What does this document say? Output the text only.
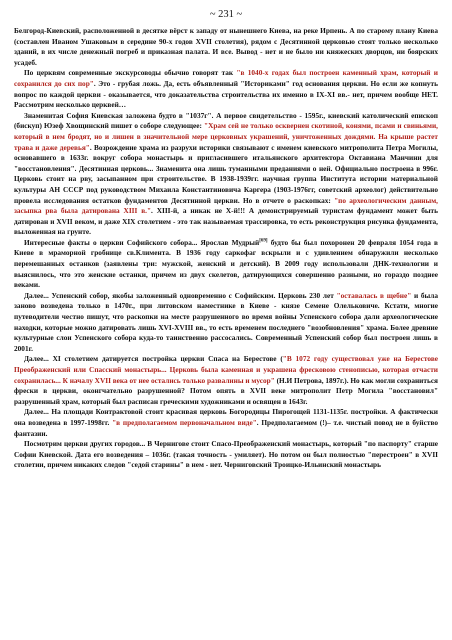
~ 231 ~

Белгород-Киевский, расположенной в десятке вёрст к западу от нынешнего Киева, на реке Ирпень. А по старому плану Киева (составлен Иваном Ушаковым в середине 90-х годов XVII столетия), рядом с Десятинной церковью стоят только несколько зданий, в их числе денежный погреб и приказная палата. И все. Вывод - нет и не было ни княжеских дворцов, ни боярских усадеб.

По церквям современные экскурсоводы обычно говорят так "в 1040-х годах был построен каменный храм, который и сохранился до сих пор". Это - грубая ложь. Да, есть объявленный "Историками" год основания церкви. Но если же копнуть вопрос по каждой церкви - оказывается, что доказательства строительства их именно в IX-XI вв.- нет, причем вообще НЕТ. Рассмотрим несколько церквей…

Знаменитая София Киевская заложена будто в "1037г". А первое свидетельство - 1595г., киевский католический епископ (бискуп) Юзеф Хвощинский пишет о соборе следующее: "Храм сей не только осквернен скотиной, конями, псами и свиньями, который в нем бродят, но и лишен в значительной мере церковных украшений, уничтоженных дождями. На крыше растет трава и даже деревья". Возрождение храма из разрухи историки связывают с именем киевского митрополита Петра Могилы, основавшего в 1633г. вокруг собора монастырь и пригласившего итальянского архитектора Октавиана Манчини для "восстановления". Десятинная церковь... Знаменита она лишь туманными преданиями о ней. Официально построена в 996г. Церковь стоит на рву, засыпанном при строительстве. В 1938-1939гг. научная группа Института истории материальной культуры АН СССР под руководством Михаила Константиновича Каргера (1903-1976гг, советский археолог) действительно провела исследования остатков фундаментов Десятинной церкви. Но в отчете о раскопках: "по археологическим данным, засыпка рва была датирована XIII в.". XIII-й, а никак не Х-й!!! А демонстрируемый туристам фундамент может быть датирован и XVII веком, и даже XIX столетием - это так называемая трассировка, то есть реконструкция рисунка фундамента, выложенная на грунте.

Интересные факты о церкви Софийского собора... Ярослав Мудрый[69] будто бы был похоронен 20 февраля 1054 года в Киеве в мраморной гробнице св.Климента. В 1936 году саркофаг вскрыли и с удивлением обнаружили несколько перемешанных останков (заявлены три: мужской, женский и детский). В 2009 году использовали ДНК-технологии и выяснилось, что это женские останки, причем из двух скелетов, датирующихся совершенно разными, но гораздо позднее веками.

Далее... Успенский собор, якобы заложенный одновременно с Софийским. Церковь 230 лет "оставалась в щебне" и была заново возведена только в 1470г., при литовском наместнике в Киеве - князе Семене Олельковиче. Кстати, многие путеводители честно пишут, что раскопки на месте разрушенного во время войны Успенского собора дали археологические находки, которые можно датировать лишь XVI-XVIII вв., то есть временем последнего "возобновления" храма. Более древние культурные слои Успенского собора куда-то таинственно рассосались. Современный Успенский собор был построен лишь в 2001г.

Далее... XI столетием датируется постройка церкви Спаса на Берестове ("В 1072 году существовал уже на Берестове Преображенский или Спасский монастырь... Церковь была каменная и украшена фресковою стенописью, которая отчасти сохранилась... К началу XVII века от нее остались только развалины и мусор" (Н.И Петрова, 1897г.). Но как могли сохраниться фрески в церкви, оконгчательно разрушенной? Потом опять в XVII веке митрополит Петр Могила "восстановил" разрушенный храм, который был расписан греческими художниками и освящен в 1643г.

Далее... На площади Контрактовой стоит красивая церковь Богородицы Пирогощей 1131-1135г. постройки. А фактически она возведена в 1997-1998гг. "в предполагаемом первоначальном виде". Предполагаемом (!)– т.е. чистый повод не в буйство фантазии.

Посмотрим церкви других городов... В Чернигове стоит Спасо-Преображенский монастырь, который "по паспорту" старше Софии Киевской. Дата его возведения – 1036г. (такая точность - умиляет). Но потом он был полностью "перестроен" в XVII столетии, причем никаких следов "седой старины" в нем - нет. Черниговский Троицко-Ильинский монастырь
